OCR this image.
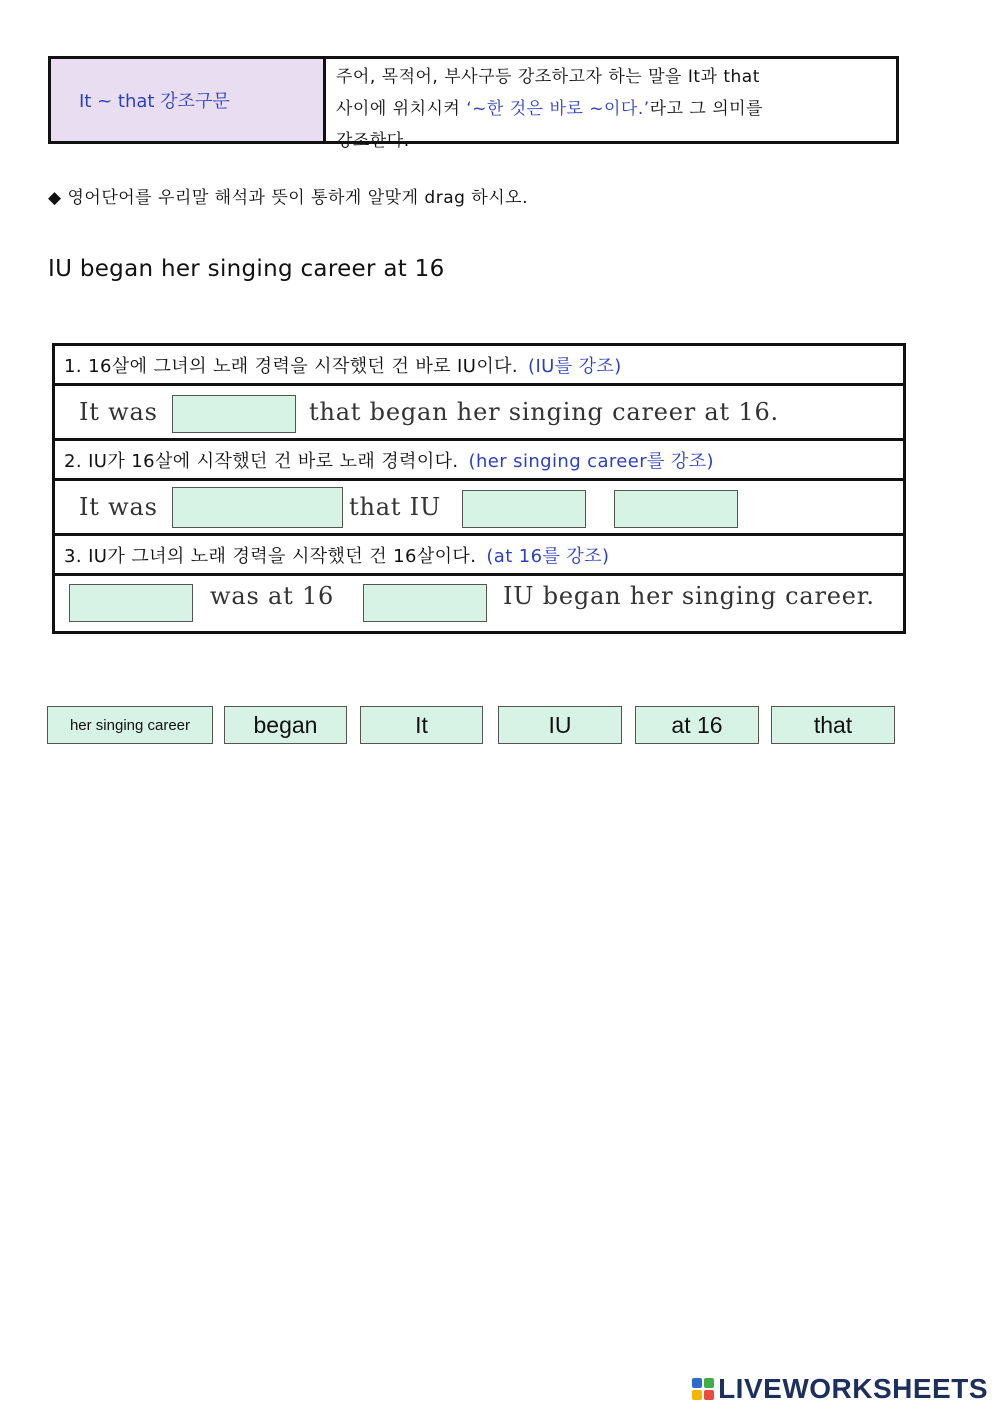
It ~ that 강조구문
주어, 목적어, 부사구등 강조하고자 하는 말을 It과 that
사이에 위치시켜 ‘~한 것은 바로 ~이다.’라고 그 의미를
강조한다.
◆ 영어단어를 우리말 해석과 뜻이 통하게 알맞게 drag 하시오.
IU began her singing career at 16
1. 16살에 그녀의 노래 경력을 시작했던 건 바로 IU이다. (IU를 강조)
It was	that began her singing career at 16.
2. IU가 16살에 시작했던 건 바로 노래 경력이다. (her singing career를 강조)
It was	that IU
3. IU가 그녀의 노래 경력을 시작했던 건 16살이다. (at 16를 강조)
was at 16	IU began her singing career.
her singing career	began	It	IU	at 16	that
LIVEWORKSHEETS
